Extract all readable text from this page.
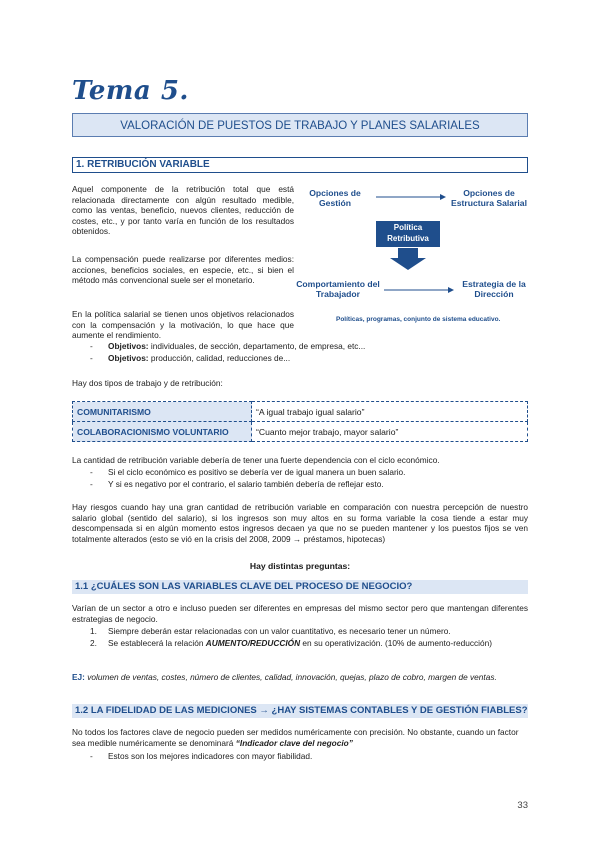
Tema 5.
VALORACIÓN DE PUESTOS DE TRABAJO Y PLANES SALARIALES
1. RETRIBUCIÓN VARIABLE
Aquel componente de la retribución total que está relacionada directamente con algún resultado medible, como las ventas, beneficio, nuevos clientes, reducción de costes, etc., y por tanto varía en función de los resultados obtenidos.
La compensación puede realizarse por diferentes medios: acciones, beneficios sociales, en especie, etc., si bien el método más convencional suele ser el monetario.
En la política salarial se tienen unos objetivos relacionados con la compensación y la motivación, lo que hace que aumente el rendimiento.
- Objetivos: individuales, de sección, departamento, de empresa, etc...
- Objetivos: producción, calidad, reducciones de...
Opciones de Gestión
Opciones de Estructura Salarial
Política Retributiva
Comportamiento del Trabajador
Estrategia de la Dirección
Políticas, programas, conjunto de sistema educativo.
Hay dos tipos de trabajo y de retribución:
COMUNITARISMO	“A igual trabajo igual salario”
COLABORACIONISMO VOLUNTARIO	“Cuanto mejor trabajo, mayor salario”
La cantidad de retribución variable debería de tener una fuerte dependencia con el ciclo económico.
- Si el ciclo económico es positivo se debería ver de igual manera un buen salario.
- Y si es negativo por el contrario, el salario también debería de reflejar esto.
Hay riesgos cuando hay una gran cantidad de retribución variable en comparación con nuestra percepción de nuestro salario global (sentido del salario), si los ingresos son muy altos en su forma variable la cosa tiende a estar muy descompensada si en algún momento estos ingresos decaen ya que no se pueden mantener y los puestos fijos se ven totalmente alterados (esto se vió en la crisis del 2008, 2009 → préstamos, hipotecas)
Hay distintas preguntas:
1.1 ¿CUÁLES SON LAS VARIABLES CLAVE DEL PROCESO DE NEGOCIO?
Varían de un sector a otro e incluso pueden ser diferentes en empresas del mismo sector pero que mantengan diferentes estrategias de negocio.
1. Siempre deberán estar relacionadas con un valor cuantitativo, es necesario tener un número.
2. Se establecerá la relación AUMENTO/REDUCCIÓN en su operativización. (10% de aumento-reducción)
EJ: volumen de ventas, costes, número de clientes, calidad, innovación, quejas, plazo de cobro, margen de ventas.
1.2 LA FIDELIDAD DE LAS MEDICIONES → ¿HAY SISTEMAS CONTABLES Y DE GESTIÓN FIABLES?
No todos los factores clave de negocio pueden ser medidos numéricamente con precisión. No obstante, cuando un factor sea medible numéricamente se denominará “Indicador clave del negocio”
- Estos son los mejores indicadores con mayor fiabilidad.
33
